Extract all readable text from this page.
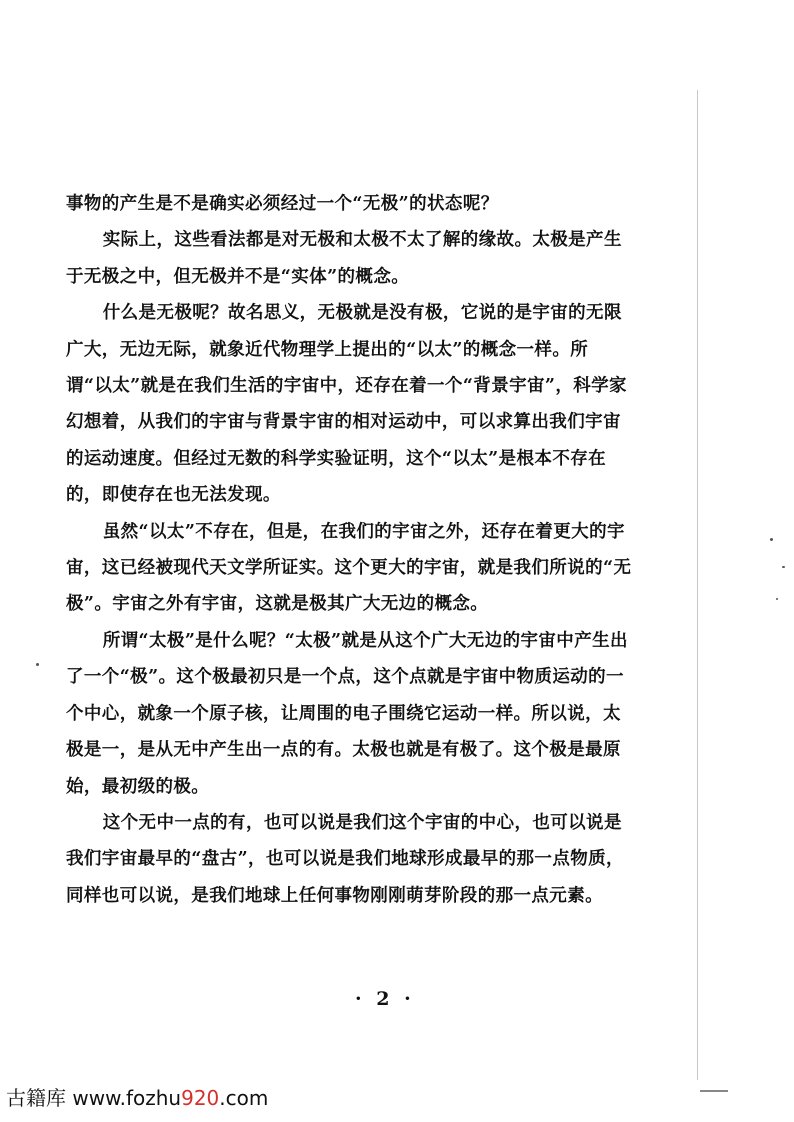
事物的产生是不是确实必须经过一个“无极”的状态呢？

实际上，这些看法都是对无极和太极不太了解的缘故。太极是产生于无极之中，但无极并不是“实体”的概念。

什么是无极呢？故名思义，无极就是没有极，它说的是宇宙的无限广大，无边无际，就象近代物理学上提出的“以太”的概念一样。所谓“以太”就是在我们生活的宇宙中，还存在着一个“背景宇宙”，科学家幻想着，从我们的宇宙与背景宇宙的相对运动中，可以求算出我们宇宙的运动速度。但经过无数的科学实验证明，这个“以太”是根本不存在的，即使存在也无法发现。

虽然“以太”不存在，但是，在我们的宇宙之外，还存在着更大的宇宙，这已经被现代天文学所证实。这个更大的宇宙，就是我们所说的“无极”。宇宙之外有宇宙，这就是极其广大无边的概念。

所谓“太极”是什么呢？“太极”就是从这个广大无边的宇宙中产生出了一个“极”。这个极最初只是一个点，这个点就是宇宙中物质运动的一个中心，就象一个原子核，让周围的电子围绕它运动一样。所以说，太极是一，是从无中产生出一点的有。太极也就是有极了。这个极是最原始，最初级的极。

这个无中一点的有，也可以说是我们这个宇宙的中心，也可以说是我们宇宙最早的“盘古”，也可以说是我们地球形成最早的那一点物质，同样也可以说，是我们地球上任何事物刚刚萌芽阶段的那一点元素。

· 2 ·
古籍库 www.fozhu920.com
